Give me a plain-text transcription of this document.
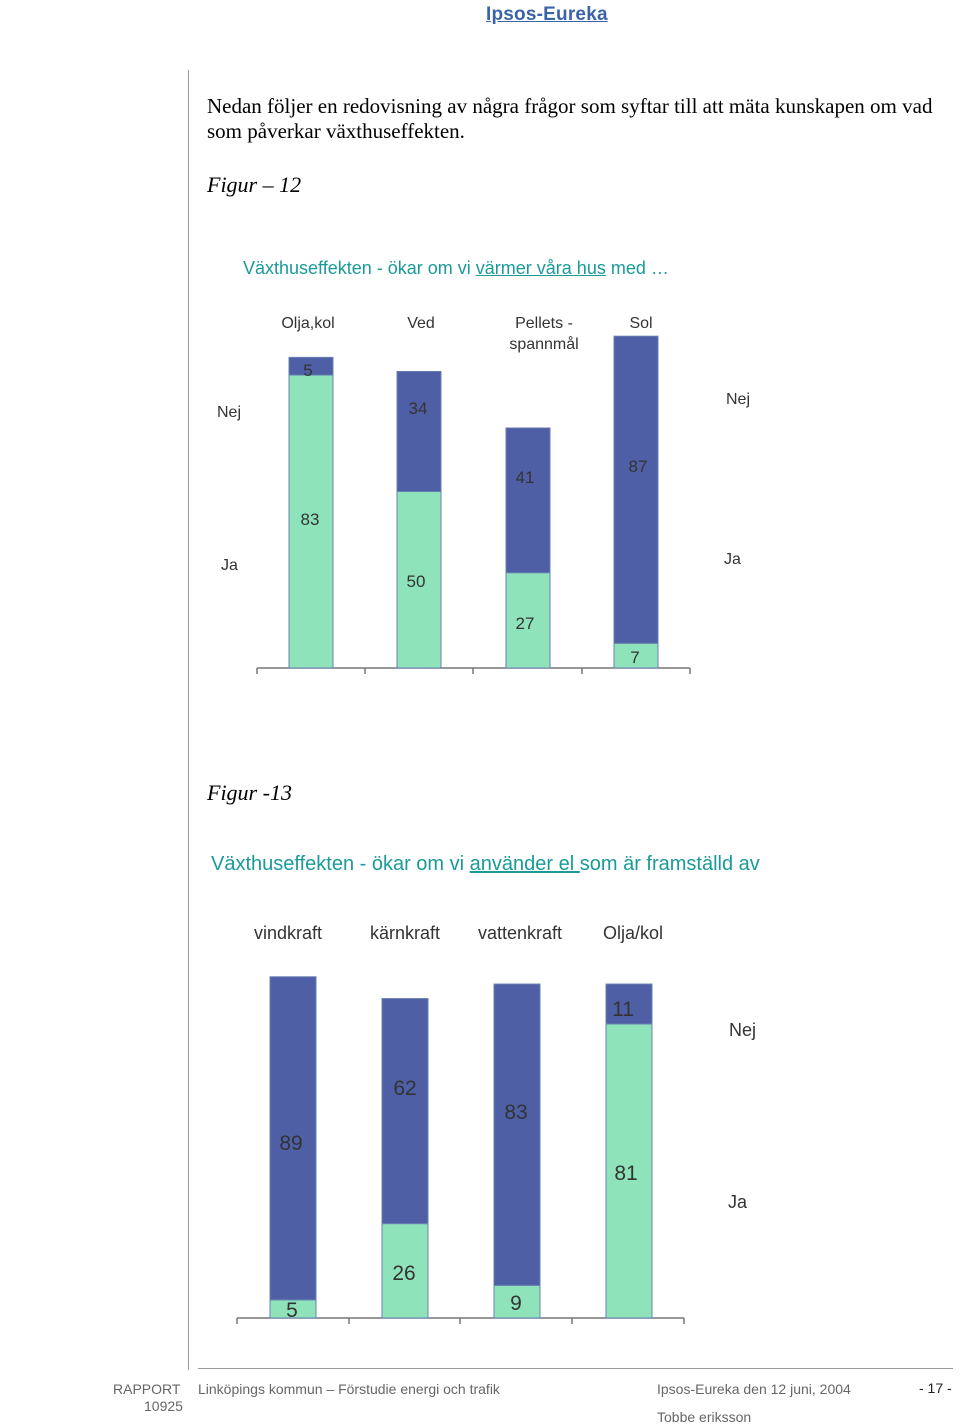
Ipsos-Eureka
Nedan följer en redovisning av några frågor som syftar till att mäta kunskapen om vad som påverkar växthuseffekten.
Figur – 12
Växthuseffekten - ökar om vi värmer våra hus med …
Olja,kol
83
5
Ved
50
34
Pellets -
spannmål
27
41
Sol
7
87
Nej
Ja
Nej
Ja
Figur -13
Växthuseffekten - ökar om vi använder el som är framställd av
vindkraft
5
89
kärnkraft
26
62
vattenkraft
9
83
Olja/kol
81
11
Nej
Ja
RAPPORT
10925
Linköpings kommun – Förstudie energi och trafik	Ipsos-Eureka den 12 juni, 2004
Tobbe eriksson
- 17 -
